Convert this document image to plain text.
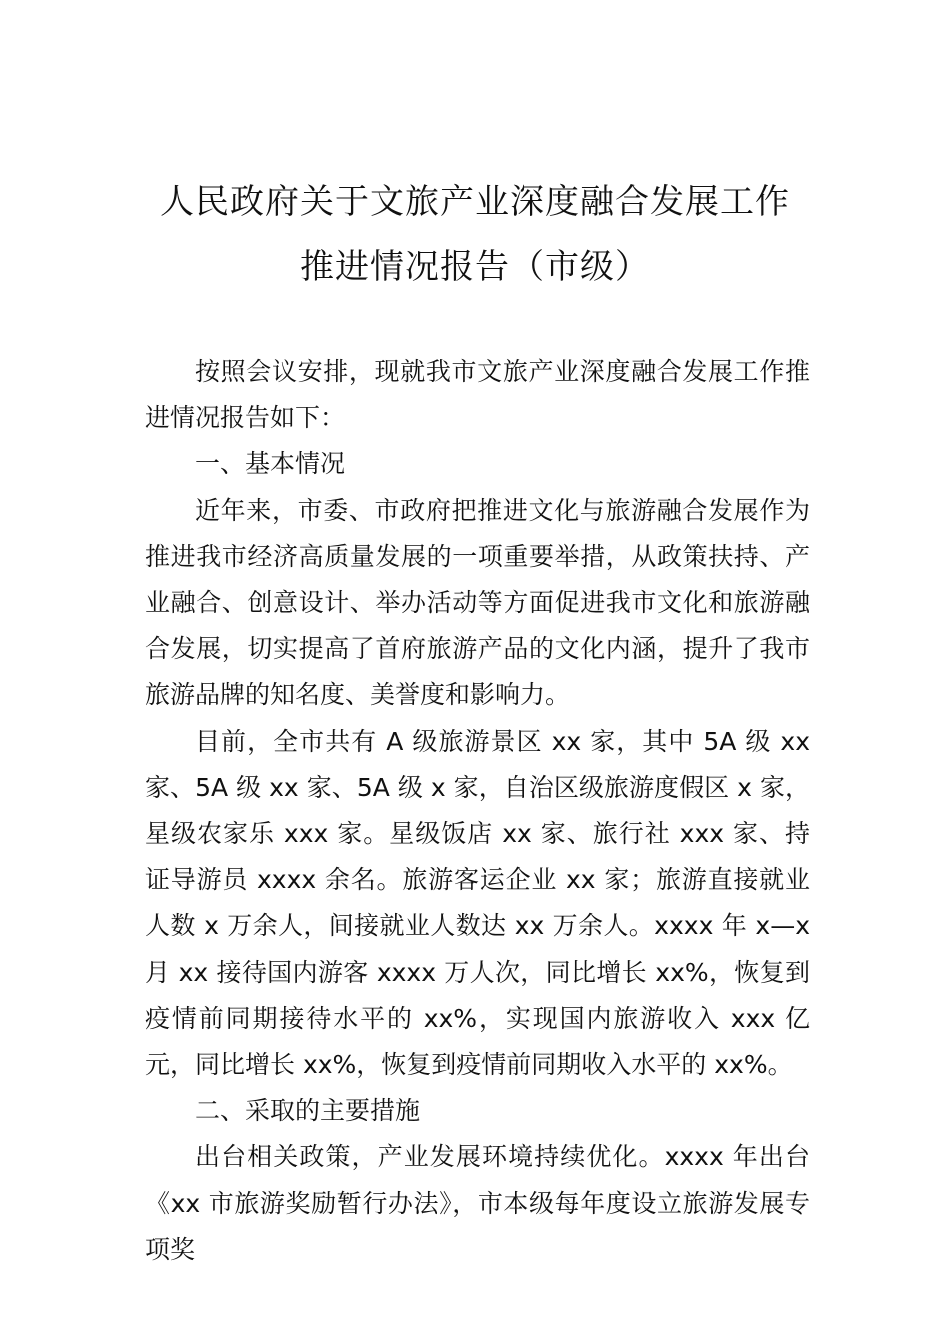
人民政府关于文旅产业深度融合发展工作
推进情况报告（市级）

按照会议安排，现就我市文旅产业深度融合发展工作推进情况报告如下：

一、基本情况

近年来，市委、市政府把推进文化与旅游融合发展作为推进我市经济高质量发展的一项重要举措，从政策扶持、产业融合、创意设计、举办活动等方面促进我市文化和旅游融合发展，切实提高了首府旅游产品的文化内涵，提升了我市旅游品牌的知名度、美誉度和影响力。

目前，全市共有 A 级旅游景区 xx 家，其中 5A 级 xx 家、5A 级 xx 家、5A 级 x 家，自治区级旅游度假区 x 家，星级农家乐 xxx 家。星级饭店 xx 家、旅行社 xxx 家、持证导游员 xxxx 余名。旅游客运企业 xx 家；旅游直接就业人数 x 万余人，间接就业人数达 xx 万余人。xxxx 年 x—x 月 xx 接待国内游客 xxxx 万人次，同比增长 xx%，恢复到疫情前同期接待水平的 xx%，实现国内旅游收入 xxx 亿元，同比增长 xx%，恢复到疫情前同期收入水平的 xx%。

二、采取的主要措施

出台相关政策，产业发展环境持续优化。xxxx 年出台《xx 市旅游奖励暂行办法》，市本级每年度设立旅游发展专项奖
